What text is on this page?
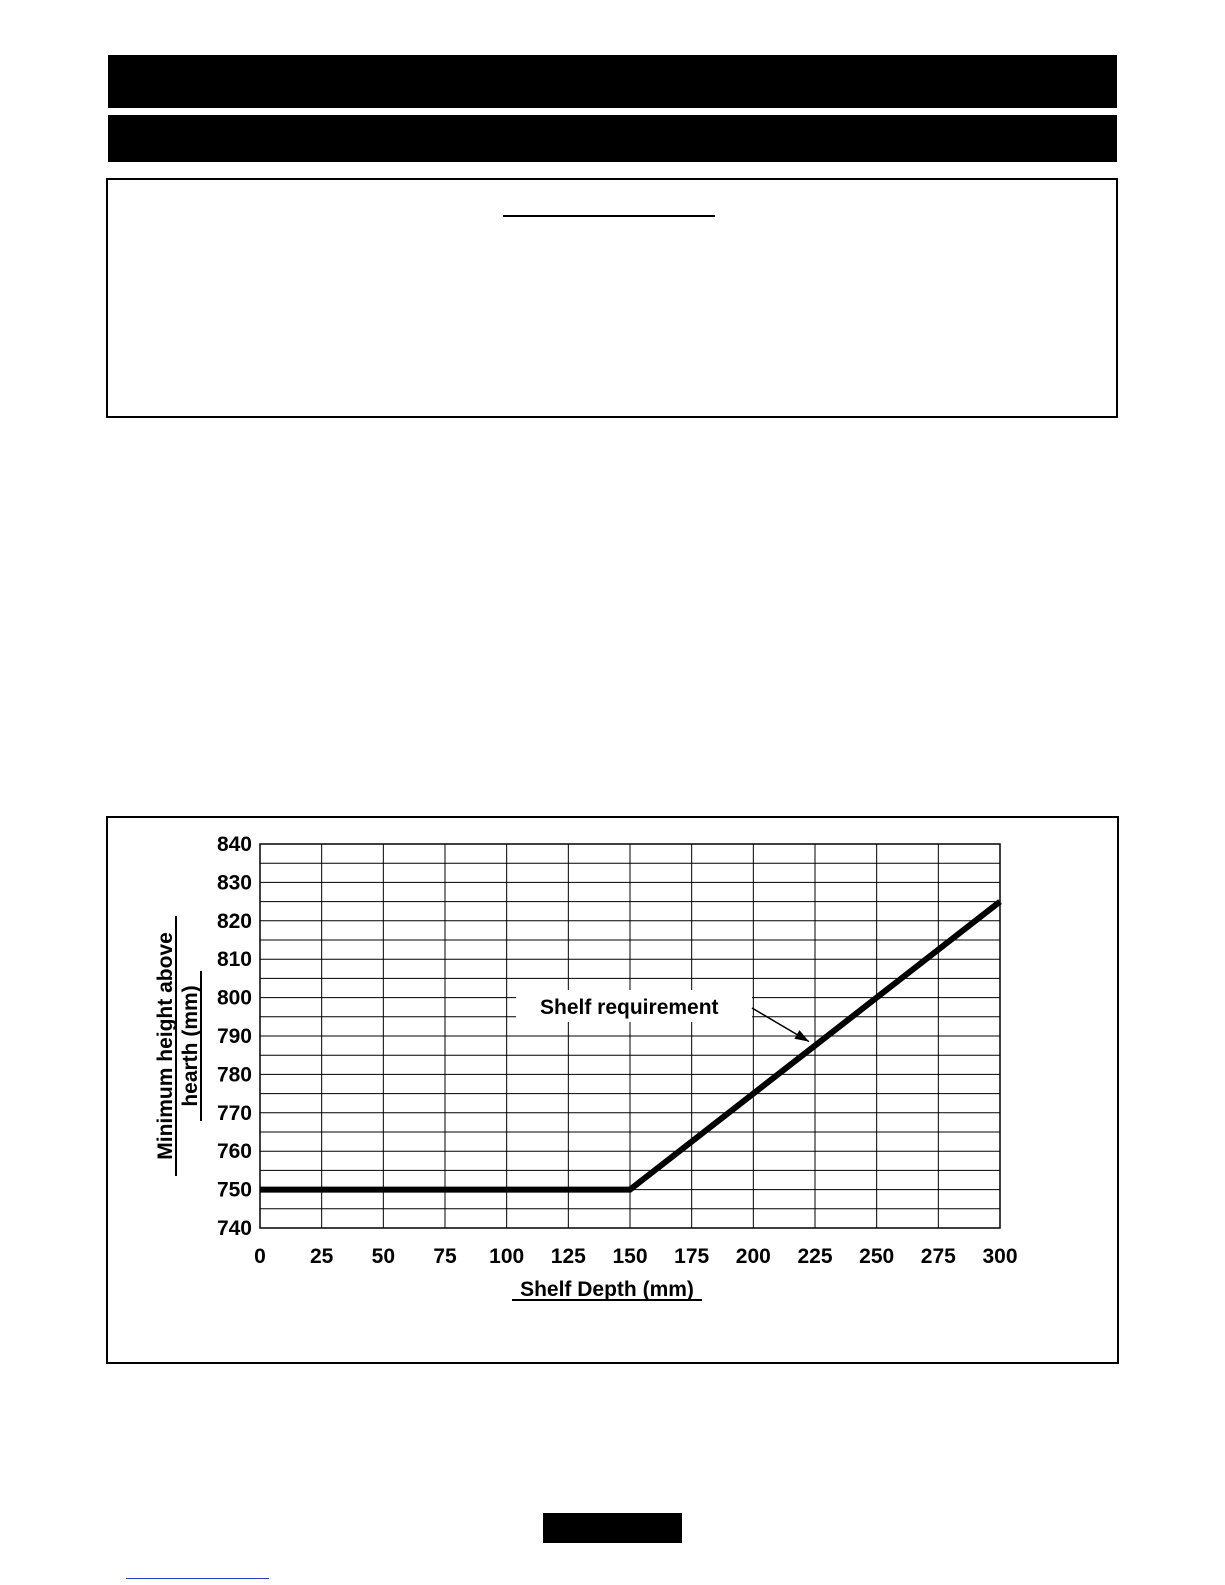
0 25 50 75 100 125 150 175 200 225 250 275 300
740
750
760
770
780
790
800
810
820
830
840
Shelf Depth (mm)
Minimum height above hearth (mm)	Shelf requirement
